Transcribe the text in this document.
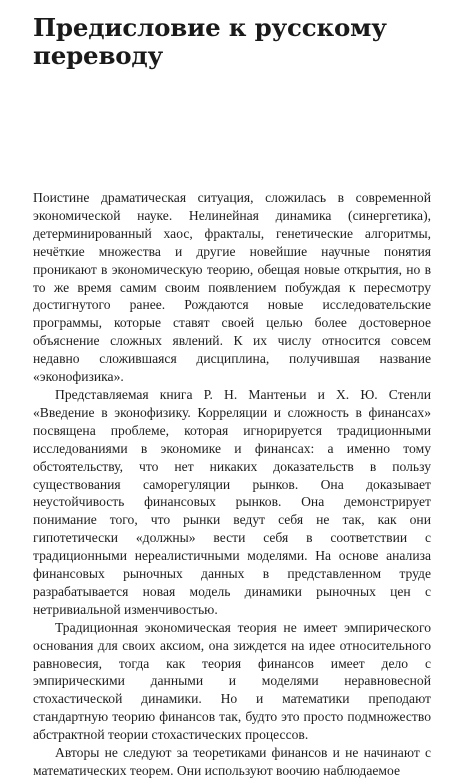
Предисловие к русскому переводу

Поистине драматическая ситуация, сложилась в современной экономической науке. Нелинейная динамика (синергетика), детерминированный хаос, фракталы, генетические алгоритмы, нечёткие множества и другие новейшие научные понятия проникают в экономическую теорию, обещая новые открытия, но в то же время самим своим появлением побуждая к пересмотру достигнутого ранее. Рождаются новые исследовательские программы, которые ставят своей целью более достоверное объяснение сложных явлений. К их числу относится совсем недавно сложившаяся дисциплина, получившая название «эконофизика».

Представляемая книга Р. Н. Мантеньи и Х. Ю. Стенли «Введение в эконофизику. Корреляции и сложность в финансах» посвящена проблеме, которая игнорируется традиционными исследованиями в экономике и финансах: а именно тому обстоятельству, что нет никаких доказательств в пользу существования саморегуляции рынков. Она доказывает неустойчивость финансовых рынков. Она демонстрирует понимание того, что рынки ведут себя не так, как они гипотетически «должны» вести себя в соответствии с традиционными нереалистичными моделями. На основе анализа финансовых рыночных данных в представленном труде разрабатывается новая модель динамики рыночных цен с нетривиальной изменчивостью.

Традиционная экономическая теория не имеет эмпирического основания для своих аксиом, она зиждется на идее относительного равновесия, тогда как теория финансов имеет дело с эмпирическими данными и моделями неравновесной стохастической динамики. Но и математики преподают стандартную теорию финансов так, будто это просто подмножество абстрактной теории стохастических процессов.

Авторы не следуют за теоретиками финансов и не начинают с математических теорем. Они используют воочию наблюдаемое
